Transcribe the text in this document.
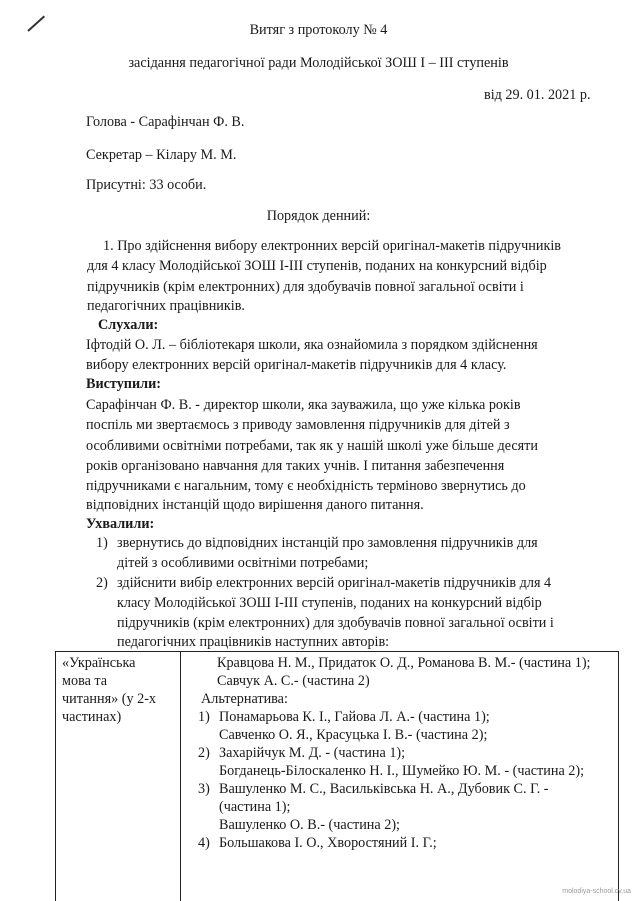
Витяг з протоколу № 4
засідання педагогічної ради Молодійської ЗОШ І – ІІІ ступенів
від 29. 01. 2021 р.
Голова - Сарафінчан Ф. В.
Секретар – Кілару М. М.
Присутні: 33 особи.
Порядок денний:
1. Про здійснення вибору електронних версій оригінал-макетів підручників
для 4 класу Молодійської ЗОШ І-ІІІ ступенів, поданих на конкурсний відбір
підручників (крім електронних) для здобувачів повної загальної освіти і
педагогічних працівників.
Слухали:
Іфтодій О. Л. – бібліотекаря школи, яка ознайомила з порядком здійснення
вибору електронних версій оригінал-макетів підручників для 4 класу.
Виступили:
Сарафінчан Ф. В. - директор школи, яка зауважила, що уже кілька років
поспіль ми звертаємось з приводу замовлення підручників для дітей з
особливими освітніми потребами, так як у нашій школі уже більше десяти
років організовано навчання для таких учнів. І питання забезпечення
підручниками є нагальним, тому є необхідність терміново звернутись до
відповідних інстанцій щодо вирішення даного питання.
Ухвалили:
1) звернутись до відповідних інстанцій про замовлення підручників для
дітей з особливими освітніми потребами;
2) здійснити вибір електронних версій оригінал-макетів підручників для 4
класу Молодійської ЗОШ І-ІІІ ступенів, поданих на конкурсний відбір
підручників (крім електронних) для здобувачів повної загальної освіти і
педагогічних працівників наступних авторів:
«Українська
мова та
читання» (у 2-х
частинах)
Кравцова Н. М., Придаток О. Д., Романова В. М.- (частина 1);
Савчук А. С.- (частина 2)
Альтернатива:
1) Понамарьова К. І., Гайова Л. А.- (частина 1);
Савченко О. Я., Красуцька І. В.- (частина 2);
2) Захарійчук М. Д. - (частина 1);
Богданець-Білоскаленко Н. І., Шумейко Ю. М. - (частина 2);
3) Вашуленко М. С., Васильківська Н. А., Дубовик С. Г. -
(частина 1);
Вашуленко О. В.- (частина 2);
4) Большакова І. О., Хворостяний І. Г.;
molodiya-school.cv.ua
